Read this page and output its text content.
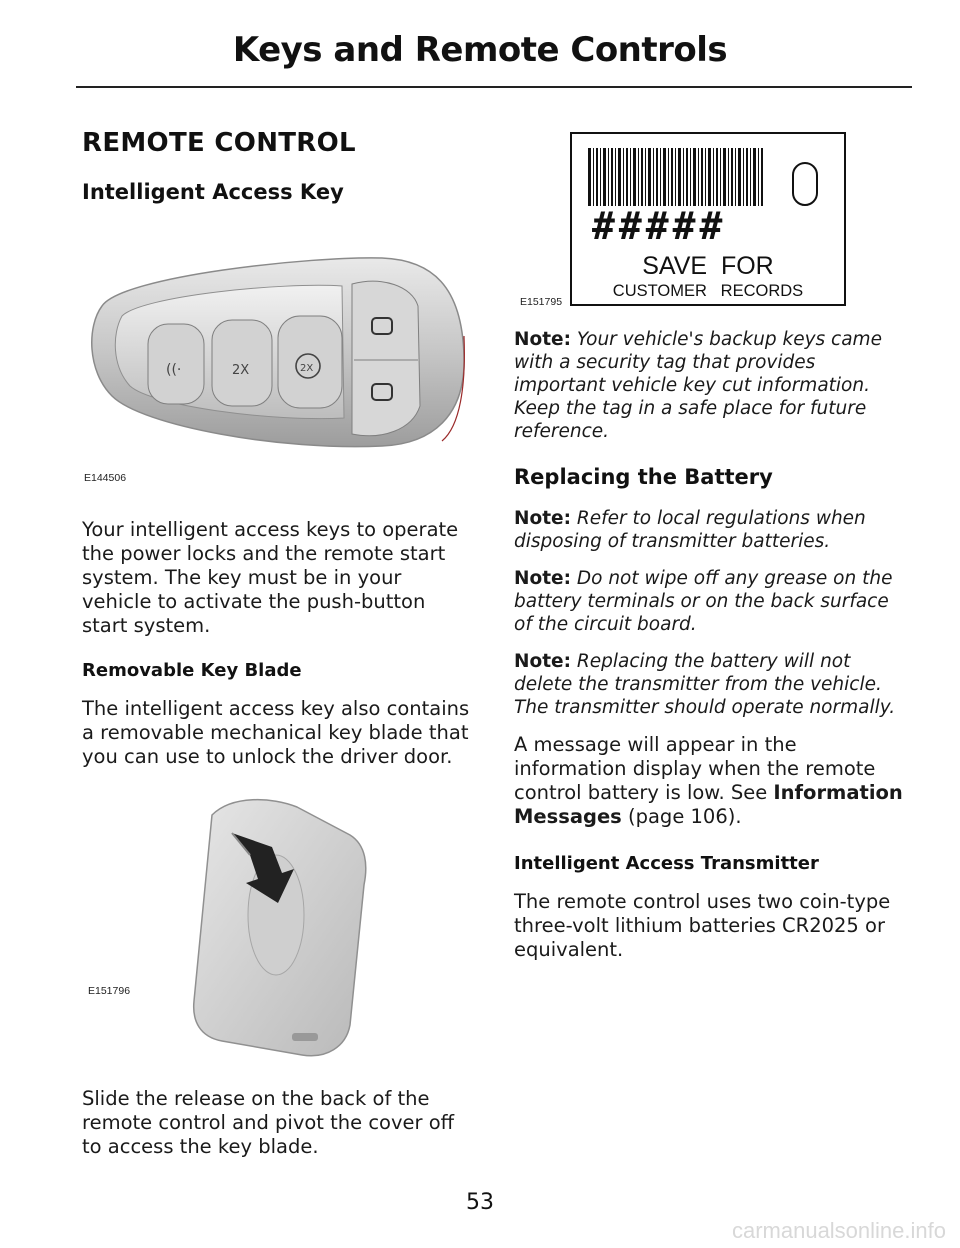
Keys and Remote Controls
REMOTE CONTROL
Intelligent Access Key
((·	2X	2X
E144506

Your intelligent access keys to operate the power locks and the remote start system. The key must be in your vehicle to activate the push-button start system.

Removable Key Blade

The intelligent access key also contains a removable mechanical key blade that you can use to unlock the driver door.

E151796

Slide the release on the back of the remote control and pivot the cover off to access the key blade.

E151795
#####
SAVE  FOR
CUSTOMER   RECORDS

Note: Your vehicle's backup keys came with a security tag that provides important vehicle key cut information. Keep the tag in a safe place for future reference.

Replacing the Battery

Note: Refer to local regulations when disposing of transmitter batteries.

Note: Do not wipe off any grease on the battery terminals or on the back surface of the circuit board.

Note: Replacing the battery will not delete the transmitter from the vehicle. The transmitter should operate normally.

A message will appear in the information display when the remote control battery is low. See Information Messages (page 106).

Intelligent Access Transmitter

The remote control uses two coin-type three-volt lithium batteries CR2025 or equivalent.

53
carmanualsonline.info
